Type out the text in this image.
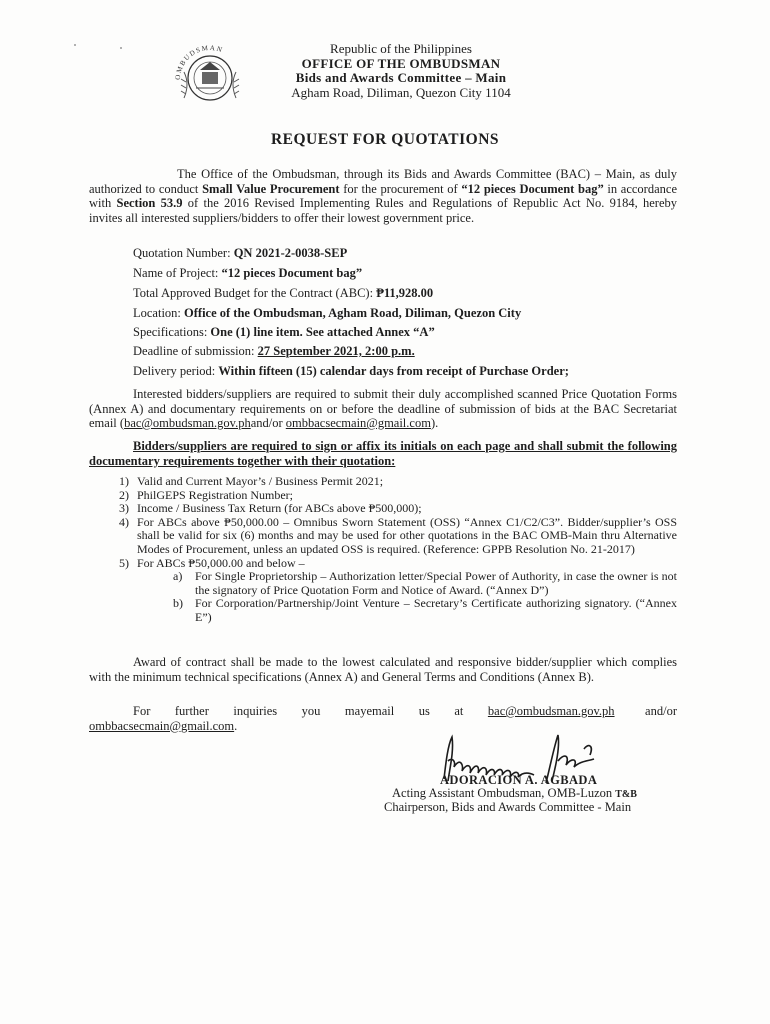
OMBUDSMAN	Republic of the Philippines
OFFICE OF THE OMBUDSMAN
Bids and Awards Committee – Main
Agham Road, Diliman, Quezon City 1104
REQUEST FOR QUOTATIONS
The Office of the Ombudsman, through its Bids and Awards Committee (BAC) – Main, as duly authorized to conduct Small Value Procurement for the procurement of “12 pieces Document bag” in accordance with Section 53.9 of the 2016 Revised Implementing Rules and Regulations of Republic Act No. 9184, hereby invites all interested suppliers/bidders to offer their lowest government price.
Quotation Number: QN 2021-2-0038-SEP
Name of Project: “12 pieces Document bag”
Total Approved Budget for the Contract (ABC): ₱11,928.00
Location: Office of the Ombudsman, Agham Road, Diliman, Quezon City
Specifications: One (1) line item. See attached Annex “A”
Deadline of submission: 27 September 2021, 2:00 p.m.
Delivery period: Within fifteen (15) calendar days from receipt of Purchase Order;
Interested bidders/suppliers are required to submit their duly accomplished scanned Price Quotation Forms (Annex A) and documentary requirements on or before the deadline of submission of bids at the BAC Secretariat email (bac@ombudsman.gov.phand/or ombbacsecmain@gmail.com).
Bidders/suppliers are required to sign or affix its initials on each page and shall submit the following documentary requirements together with their quotation:
1) Valid and Current Mayor’s / Business Permit 2021;
2) PhilGEPS Registration Number;
3) Income / Business Tax Return (for ABCs above ₱500,000);
4) For ABCs above ₱50,000.00 – Omnibus Sworn Statement (OSS) “Annex C1/C2/C3”. Bidder/supplier’s OSS shall be valid for six (6) months and may be used for other quotations in the BAC OMB-Main thru Alternative Modes of Procurement, unless an updated OSS is required. (Reference: GPPB Resolution No. 21-2017)
5) For ABCs ₱50,000.00 and below –
a)	For Single Proprietorship – Authorization letter/Special Power of Authority, in case the owner is not the signatory of Price Quotation Form and Notice of Award. (“Annex D”)
b)	For Corporation/Partnership/Joint Venture – Secretary’s Certificate authorizing signatory. (“Annex E”)
Award of contract shall be made to the lowest calculated and responsive bidder/supplier which complies with the minimum technical specifications (Annex A) and General Terms and Conditions (Annex B).
For further inquiries you mayemail us at bac@ombudsman.gov.ph and/or ombbacsecmain@gmail.com.
ADORACION A. AGBADA
Acting Assistant Ombudsman, OMB-Luzon T&B
Chairperson, Bids and Awards Committee - Main
